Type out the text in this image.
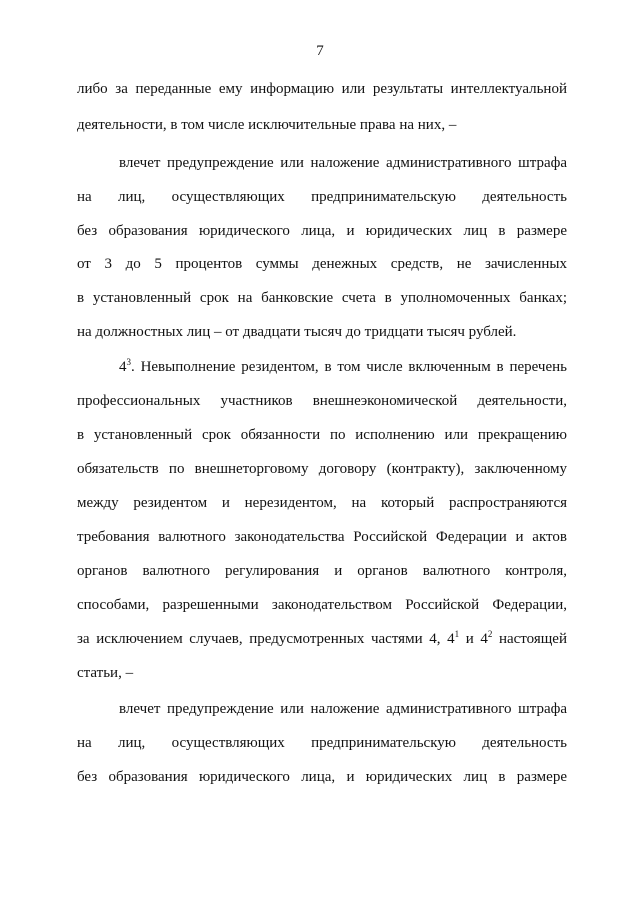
7
либо за переданные ему информацию или результаты интеллектуальной
деятельности, в том числе исключительные права на них, –
влечет предупреждение или наложение административного штрафа
на лиц, осуществляющих предпринимательскую деятельность
без образования юридического лица, и юридических лиц в размере
от 3 до 5 процентов суммы денежных средств, не зачисленных
в установленный срок на банковские счета в уполномоченных банках;
на должностных лиц – от двадцати тысяч до тридцати тысяч рублей.
$4^3$. Невыполнение резидентом, в том числе включенным в перечень
профессиональных участников внешнеэкономической деятельности,
в установленный срок обязанности по исполнению или прекращению
обязательств по внешнеторговому договору (контракту), заключенному
между резидентом и нерезидентом, на который распространяются
требования валютного законодательства Российской Федерации и актов
органов валютного регулирования и органов валютного контроля,
способами, разрешенными законодательством Российской Федерации,
за исключением случаев, предусмотренных частями 4, $4^1$ и $4^2$ настоящей
статьи, –
влечет предупреждение или наложение административного штрафа
на лиц, осуществляющих предпринимательскую деятельность
без образования юридического лица, и юридических лиц в размере
